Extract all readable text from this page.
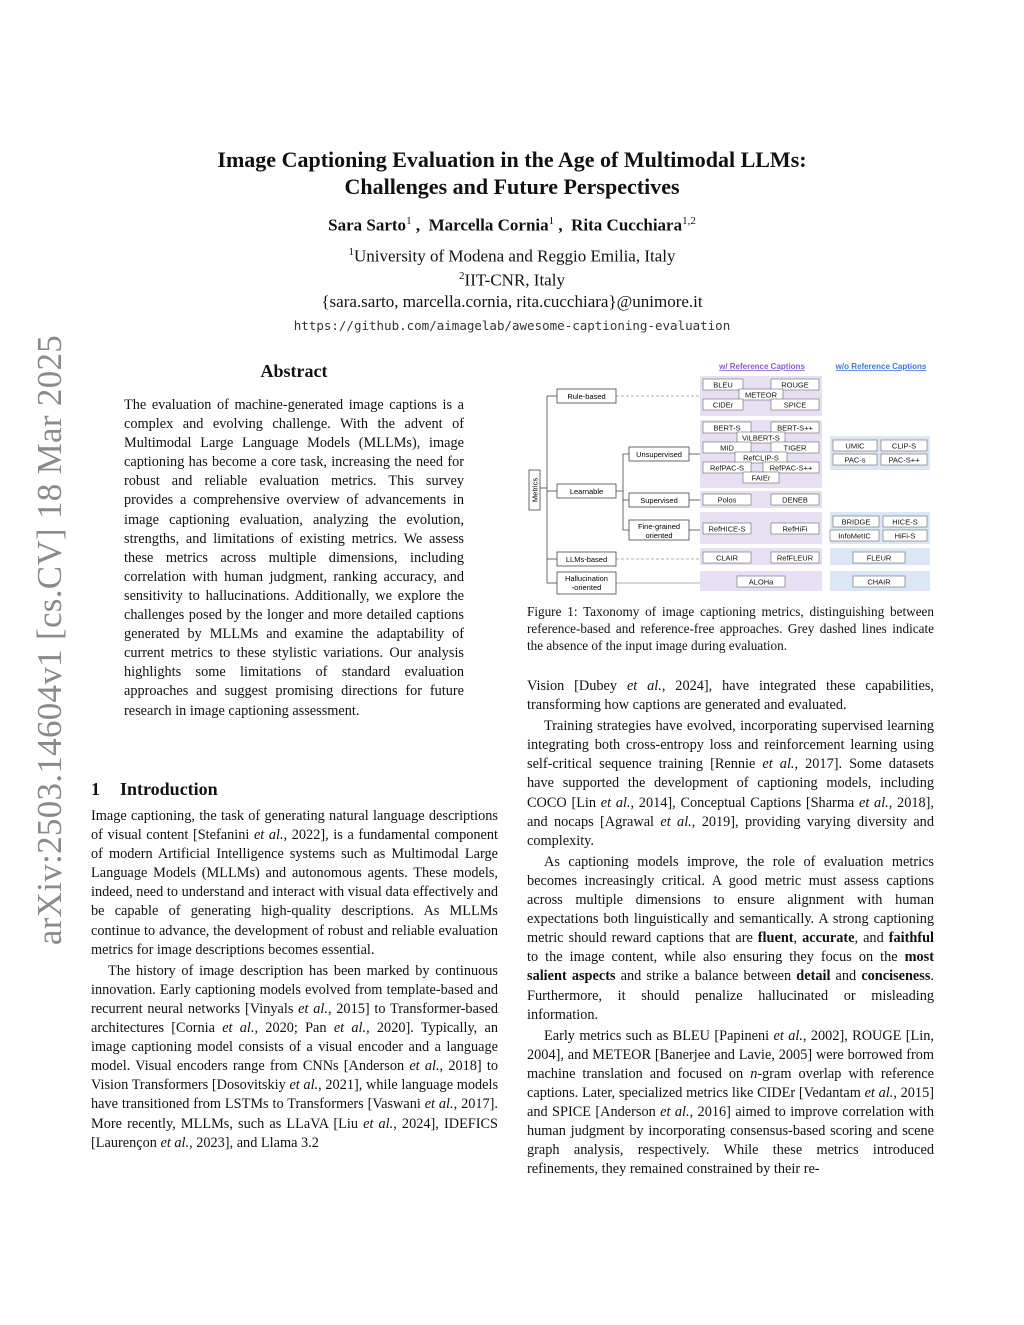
arXiv:2503.14604v1 [cs.CV] 18 Mar 2025
Image Captioning Evaluation in the Age of Multimodal LLMs:
Challenges and Future Perspectives
Sara Sarto$^1$ ,  Marcella Cornia$^1$ ,  Rita Cucchiara$^{1,2}$
$^1$University of Modena and Reggio Emilia, Italy
$^2$IIT-CNR, Italy
{sara.sarto, marcella.cornia, rita.cucchiara}@unimore.it
https://github.com/aimagelab/awesome-captioning-evaluation
Abstract
The evaluation of machine-generated image captions is a complex and evolving challenge. With the advent of Multimodal Large Language Models (MLLMs), image captioning has become a core task, increasing the need for robust and reliable evaluation metrics. This survey provides a comprehensive overview of advancements in image captioning evaluation, analyzing the evolution, strengths, and limitations of existing metrics. We assess these metrics across multiple dimensions, including correlation with human judgment, ranking accuracy, and sensitivity to hallucinations. Additionally, we explore the challenges posed by the longer and more detailed captions generated by MLLMs and examine the adaptability of current metrics to these stylistic variations. Our analysis highlights some limitations of standard evaluation approaches and suggest promising directions for future research in image captioning assessment.
1 Introduction

Image captioning, the task of generating natural language descriptions of visual content [Stefanini et al., 2022], is a fundamental component of modern Artificial Intelligence systems such as Multimodal Large Language Models (MLLMs) and autonomous agents. These models, indeed, need to understand and interact with visual data effectively and be capable of generating high-quality descriptions. As MLLMs continue to advance, the development of robust and reliable evaluation metrics for image descriptions becomes essential.

The history of image description has been marked by continuous innovation. Early captioning models evolved from template-based and recurrent neural networks [Vinyals et al., 2015] to Transformer-based architectures [Cornia et al., 2020; Pan et al., 2020]. Typically, an image captioning model consists of a visual encoder and a language model. Visual encoders range from CNNs [Anderson et al., 2018] to Vision Transformers [Dosovitskiy et al., 2021], while language models have transitioned from LSTMs to Transformers [Vaswani et al., 2017]. More recently, MLLMs, such as LLaVA [Liu et al., 2024], IDEFICS [Laurençon et al., 2023], and Llama 3.2

Vision [Dubey et al., 2024], have integrated these capabilities, transforming how captions are generated and evaluated.

Training strategies have evolved, incorporating supervised learning integrating both cross-entropy loss and reinforcement learning using self-critical sequence training [Rennie et al., 2017]. Some datasets have supported the development of captioning models, including COCO [Lin et al., 2014], Conceptual Captions [Sharma et al., 2018], and nocaps [Agrawal et al., 2019], providing varying diversity and complexity.

As captioning models improve, the role of evaluation metrics becomes increasingly critical. A good metric must assess captions across multiple dimensions to ensure alignment with human expectations both linguistically and semantically. A strong captioning metric should reward captions that are fluent, accurate, and faithful to the image content, while also ensuring they focus on the most salient aspects and strike a balance between detail and conciseness. Furthermore, it should penalize hallucinated or misleading information.

Early metrics such as BLEU [Papineni et al., 2002], ROUGE [Lin, 2004], and METEOR [Banerjee and Lavie, 2005] were borrowed from machine translation and focused on n-gram overlap with reference captions. Later, specialized metrics like CIDEr [Vedantam et al., 2015] and SPICE [Anderson et al., 2016] aimed to improve correlation with human judgment by incorporating consensus-based scoring and scene graph analysis, respectively. While these metrics introduced refinements, they remained constrained by their re-

w/ Reference Captions	w/o Reference Captions
Metrics
Rule-based
Learnable
Unsupervised
Supervised
Fine-grained
oriented
LLMs-based
Hallucination
-oriented
BLEU	ROUGE
METEOR
CIDEr	SPICE
BERT-S	BERT-S++
ViLBERT-S
MID	TIGER
RefCLIP-S
RefPAC-S	RefPAC-S++
FAIEr
UMIC	CLIP-S
PAC-s	PAC-S++
Polos	DENEB
RefHICE-S	RefHiFi
BRIDGE	HICE-S
InfoMetIC	HiFi-S
CLAIR	RefFLEUR	FLEUR
ALOHa	CHAIR
Figure 1: Taxonomy of image captioning metrics, distinguishing between reference-based and reference-free approaches. Grey dashed lines indicate the absence of the input image during evaluation.
